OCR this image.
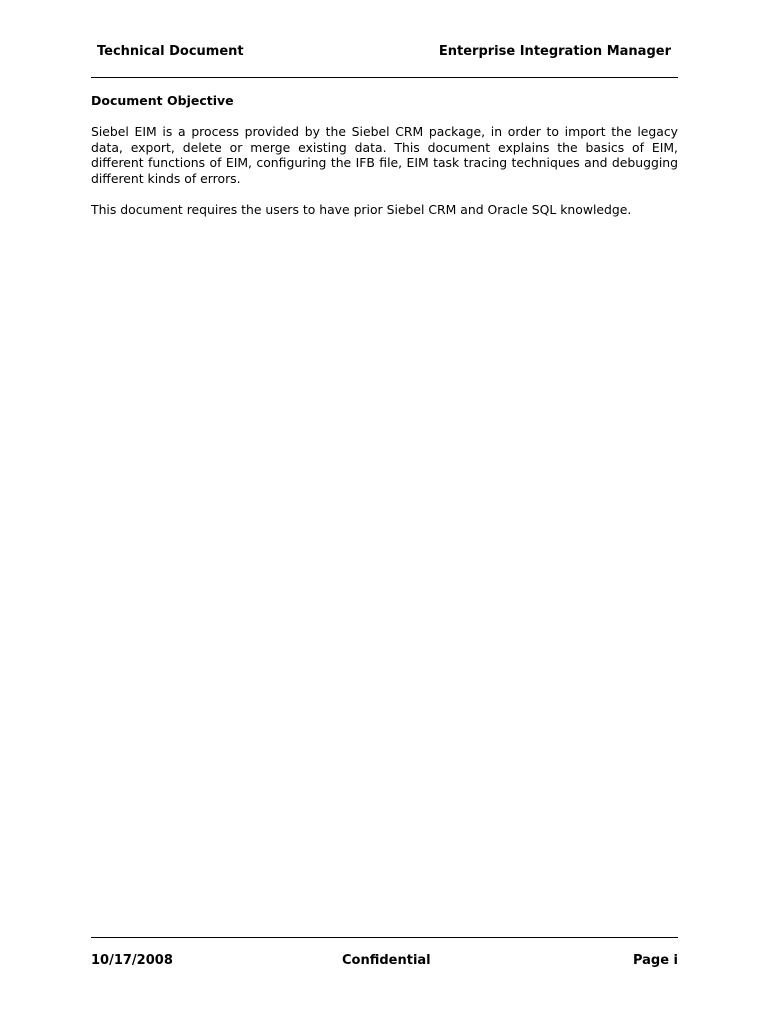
Technical Document	Enterprise Integration Manager
Document Objective

Siebel EIM is a process provided by the Siebel CRM package, in order to import the legacy data, export, delete or merge existing data. This document explains the basics of EIM, different functions of EIM, configuring the IFB file, EIM task tracing techniques and debugging different kinds of errors.

This document requires the users to have prior Siebel CRM and Oracle SQL knowledge.

10/17/2008	Confidential	Page i
